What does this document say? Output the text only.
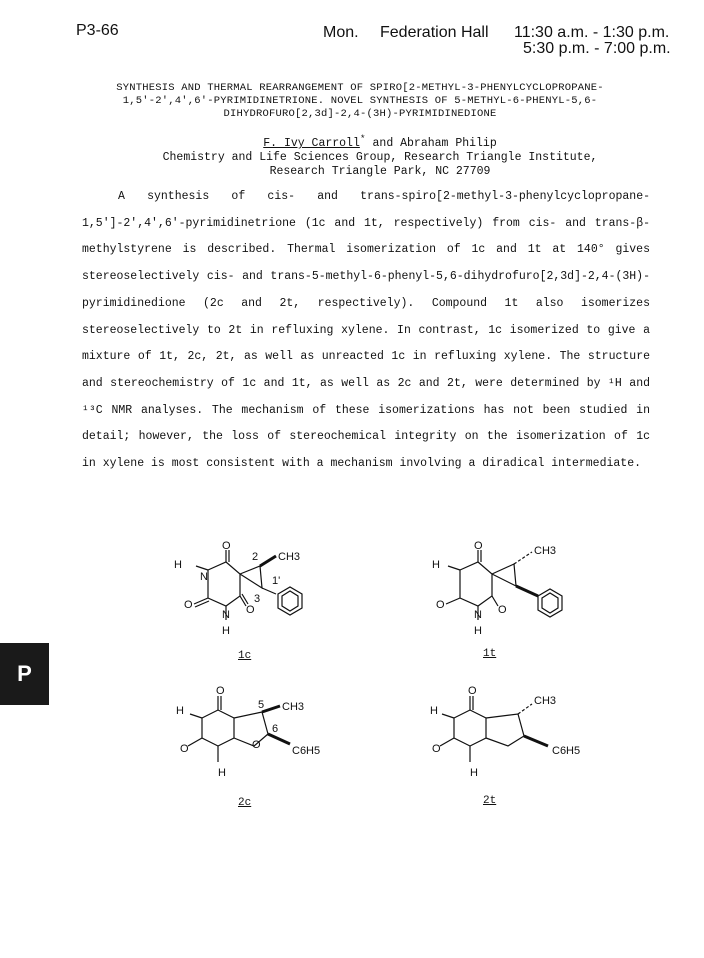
P3-66	Mon. Federation Hall 11:30 a.m. - 1:30 p.m.
5:30 p.m. - 7:00 p.m.
SYNTHESIS AND THERMAL REARRANGEMENT OF SPIRO[2-METHYL-3-PHENYLCYCLOPROPANE-1,5'-2',4',6'-PYRIMIDINETRIONE. NOVEL SYNTHESIS OF 5-METHYL-6-PHENYL-5,6-DIHYDROFURO[2,3d]-2,4-(3H)-PYRIMIDINEDIONE
F. Ivy Carroll* and Abraham Philip
Chemistry and Life Sciences Group, Research Triangle Institute,
Research Triangle Park, NC 27709

A synthesis of cis- and trans-spiro[2-methyl-3-phenylcyclopropane-1,5']-2',4',6'-pyrimidinetrione (1c and 1t, respectively) from cis- and trans-β-methylstyrene is described. Thermal isomerization of 1c and 1t at 140° gives stereoselectively cis- and trans-5-methyl-6-phenyl-5,6-dihydrofuro[2,3d]-2,4-(3H)-pyrimidinedione (2c and 2t, respectively). Compound 1t also isomerizes stereoselectively to 2t in refluxing xylene. In contrast, 1c isomerized to give a mixture of 1t, 2c, 2t, as well as unreacted 1c in refluxing xylene. The structure and stereochemistry of 1c and 1t, as well as 2c and 2t, were determined by ¹H and ¹³C NMR analyses. The mechanism of these isomerizations has not been studied in detail; however, the loss of stereochemical integrity on the isomerization of 1c in xylene is most consistent with a mechanism involving a diradical intermediate.

H
N
O
O	O
N
H
2 CH3
3
1'
1c
H
O
O	O
N
H
CH3
1t
H
O
O	O
H
CH3
C6H5
5
6
2c
H
O
O
H
CH3
C6H5
2t
P
